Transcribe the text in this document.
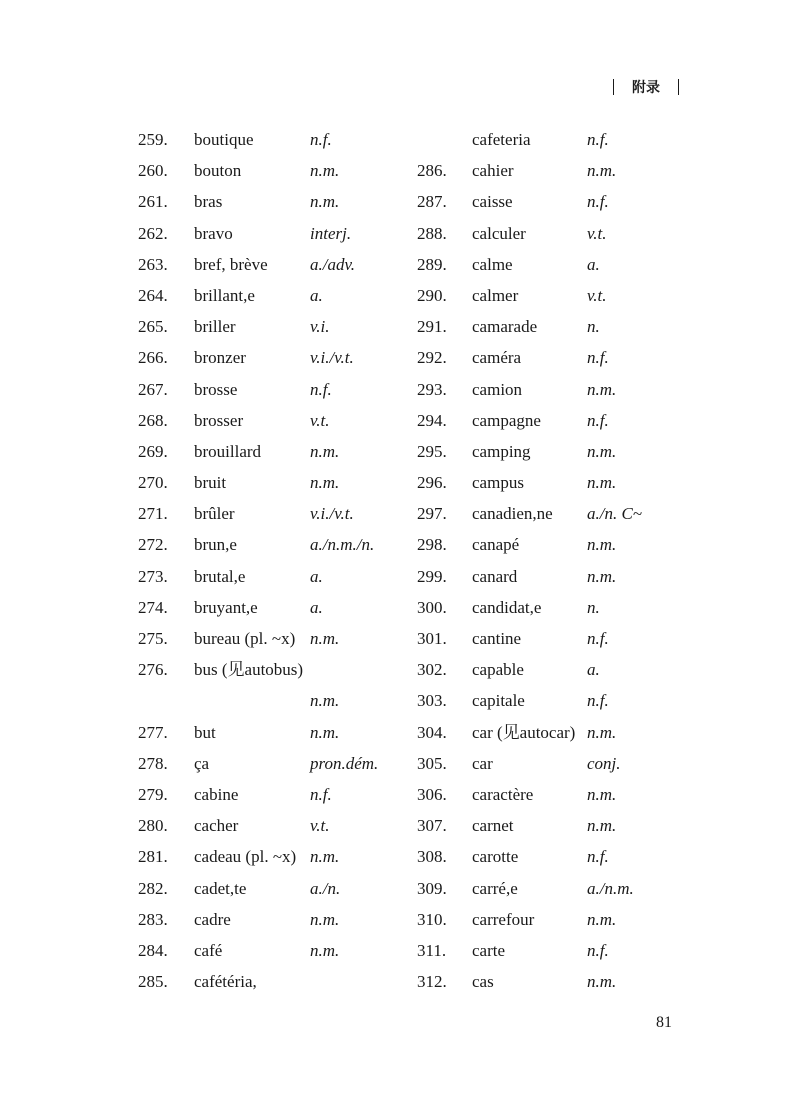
附录
259. boutique	n.f.
260. bouton	n.m.
261. bras	n.m.
262. bravo	interj.
263. bref, brève a./adv.
264. brillant,e	a.
265. briller	v.i.
266. bronzer	v.i./v.t.
267. brosse	n.f.
268. brosser	v.t.
269. brouillard	n.m.
270. bruit	n.m.
271. brûler	v.i./v.t.
272. brun,e	a./n.m./n.
273. brutal,e	a.
274. bruyant,e	a.
275. bureau (pl. ~x) n.m.
276. bus (见autobus)
n.m.
277. but	n.m.
278. ça	pron.dém.
279. cabine	n.f.
280. cacher	v.t.
281. cadeau (pl. ~x) n.m.
282. cadet,te	a./n.
283. cadre	n.m.
284. café	n.m.
285. cafétéria,
cafeteria	n.f.
286. cahier	n.m.
287. caisse	n.f.
288. calculer	v.t.
289. calme	a.
290. calmer	v.t.
291. camarade	n.
292. caméra	n.f.
293. camion	n.m.
294. campagne	n.f.
295. camping	n.m.
296. campus	n.m.
297. canadien,ne a./n. C~
298. canapé	n.m.
299. canard	n.m.
300. candidat,e	n.
301. cantine	n.f.
302. capable	a.
303. capitale	n.f.
304. car (见autocar) n.m.
305. car	conj.
306. caractère	n.m.
307. carnet	n.m.
308. carotte	n.f.
309. carré,e	a./n.m.
310. carrefour	n.m.
311. carte	n.f.
312. cas	n.m.
81
